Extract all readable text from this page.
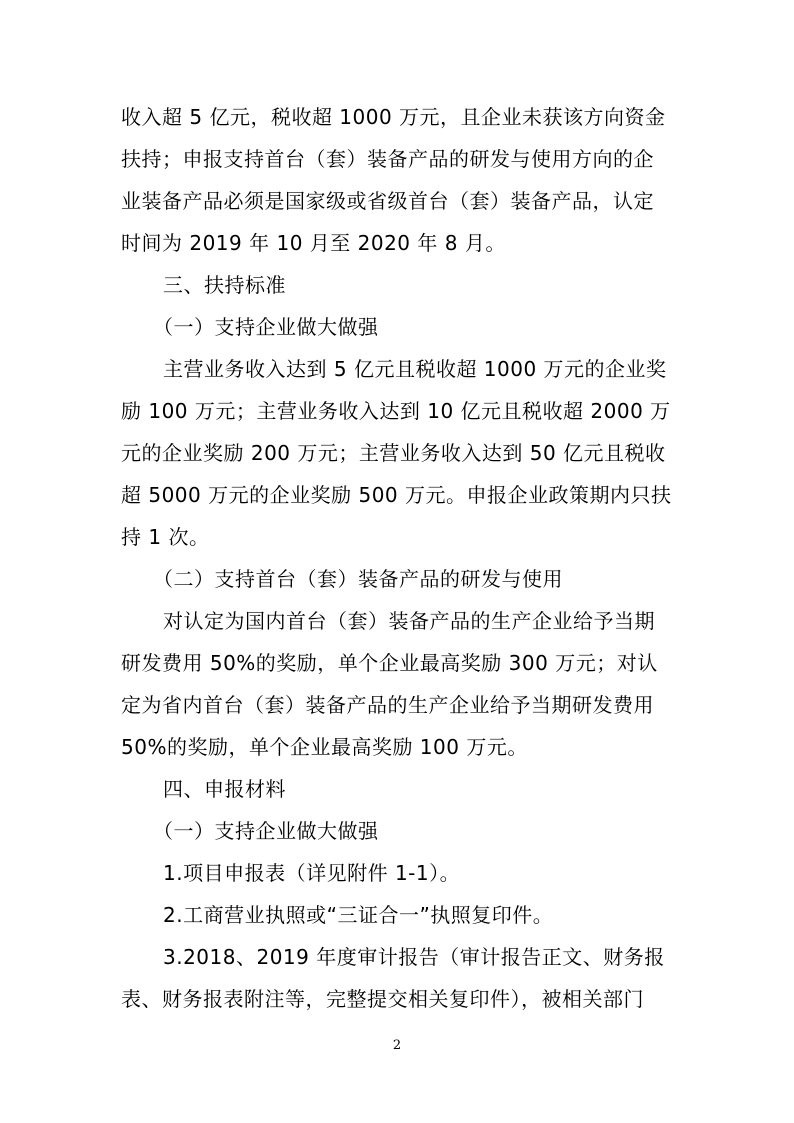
收入超 5 亿元，税收超 1000 万元，且企业未获该方向资金
扶持；申报支持首台（套）装备产品的研发与使用方向的企
业装备产品必须是国家级或省级首台（套）装备产品，认定
时间为 2019 年 10 月至 2020 年 8 月。
三、扶持标准
（一）支持企业做大做强
主营业务收入达到 5 亿元且税收超 1000 万元的企业奖
励 100 万元；主营业务收入达到 10 亿元且税收超 2000 万
元的企业奖励 200 万元；主营业务收入达到 50 亿元且税收
超 5000 万元的企业奖励 500 万元。申报企业政策期内只扶
持 1 次。
（二）支持首台（套）装备产品的研发与使用
对认定为国内首台（套）装备产品的生产企业给予当期
研发费用 50%的奖励，单个企业最高奖励 300 万元；对认
定为省内首台（套）装备产品的生产企业给予当期研发费用
50%的奖励，单个企业最高奖励 100 万元。
四、申报材料
（一）支持企业做大做强
1.项目申报表（详见附件 1-1）。
2.工商营业执照或“三证合一”执照复印件。
3.2018、2019 年度审计报告（审计报告正文、财务报
表、财务报表附注等，完整提交相关复印件），被相关部门
2
